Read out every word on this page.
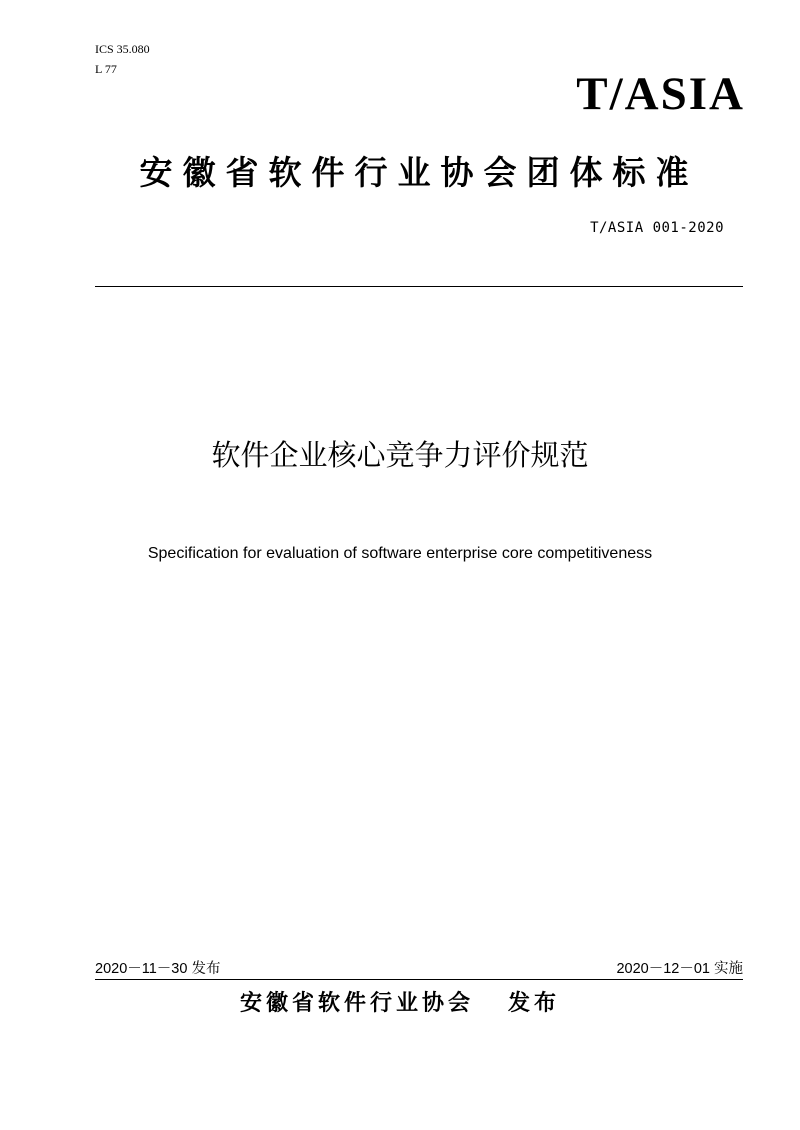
ICS 35.080
L 77	T/ASIA
安徽省软件行业协会团体标准
T/ASIA 001-2020
软件企业核心竞争力评价规范
Specification for evaluation of software enterprise core competitiveness
2020－11－30 发布	2020－12－01 实施
安徽省软件行业协会 发布
